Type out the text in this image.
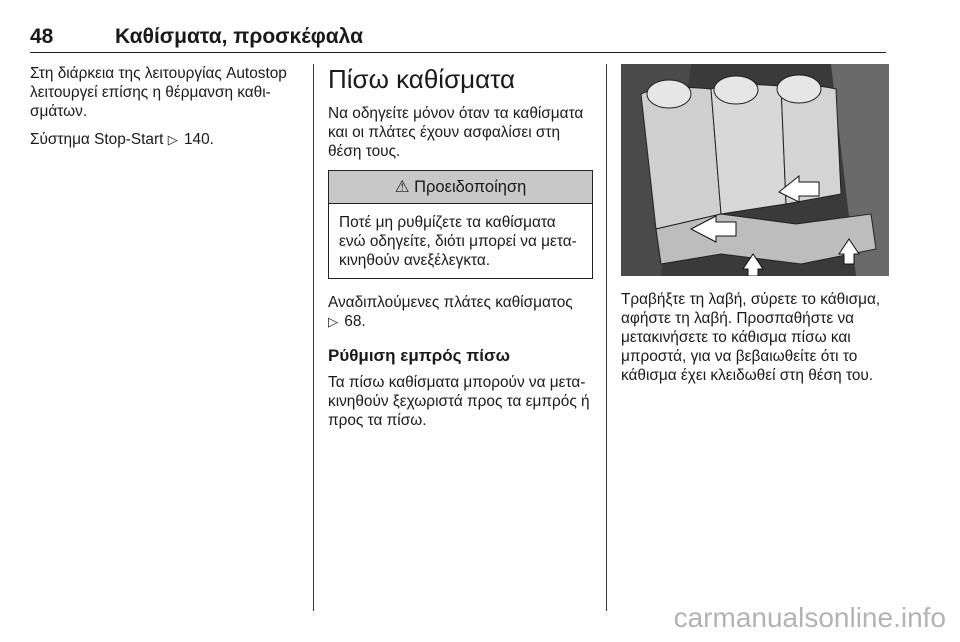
48	Καθίσματα, προσκέφαλα

Στη διάρκεια της λειτουργίας Autostop λειτουργεί επίσης η θέρμανση καθι-σμάτων.

Σύστημα Stop-Start ▷ 140.

Πίσω καθίσματα

Να οδηγείτε μόνον όταν τα καθίσματα και οι πλάτες έχουν ασφαλίσει στη θέση τους.

⚠ Προειδοποίηση
Ποτέ μη ρυθμίζετε τα καθίσματα ενώ οδηγείτε, διότι μπορεί να μετα-κινηθούν ανεξέλεγκτα.

Αναδιπλούμενες πλάτες καθίσματος
▷ 68.

Ρύθμιση εμπρός πίσω

Τα πίσω καθίσματα μπορούν να μετα-κινηθούν ξεχωριστά προς τα εμπρός ή προς τα πίσω.

Τραβήξτε τη λαβή, σύρετε το κάθισμα, αφήστε τη λαβή. Προσπαθήστε να μετακινήσετε το κάθισμα πίσω και μπροστά, για να βεβαιωθείτε ότι το κάθισμα έχει κλειδωθεί στη θέση του.

carmanualsonline.info
